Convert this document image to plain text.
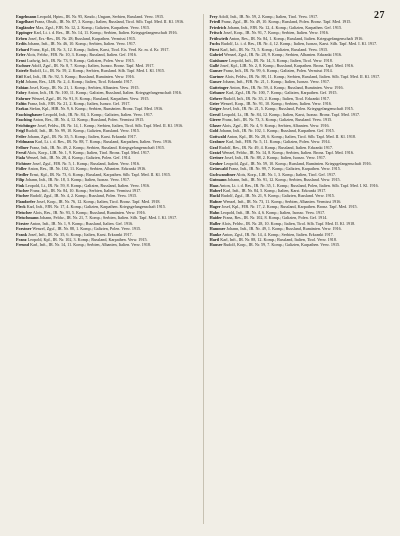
27

Engelmann Leopold, Hptm., IR. Nr. 95, Kmdo.; Ungarn, Serbien, Russland. Verw. 1915.

Engelhart Franz, Obstlt., IR. Nr. 87, 3. Komp.; Italien, Russland, Tirol. Silb. Tapf. Med. II. Kl. 1916.

Engländer Max, Zgsf., FJB. Nr. 12, 2. Komp.; Galizien, Karpathen. Verw. 1915.

Eppinger Karl, Lt. i. d. Res., IR. Nr. 14, 11. Komp.; Serbien, Italien. Kriegsgefangenschaft 1916.

Erben Josef, Ers.-Res., IR. Nr. 28; Russland, Karpathen. Vermisst 1915.

Erdős Johann, Inft., IR. Nr. 46, 10. Komp.; Serbien, Italien. Verw. 1917.

Erhard Franz, Kpl., IR. Nr. 3, 12. Komp.; Italien, Karst, Tirol. Eis. Verd. Kr. m. d. Kr. 1917.

Erler Alois, Feldw., FJB. Nr. 10, 3. Komp.; Russland, Italien. Gef. 1916.

Ernst Ludwig, Inft., IR. Nr. 73, 9. Komp.; Galizien, Polen. Verw. 1915.

Eschner Adolf, Zgsf., IR. Nr. 8, 7. Komp.; Italien, Isonzo. Bronz. Tapf. Med. 1917.

Esterle Rudolf, Lt., IR. Nr. 59, 2. Komp.; Serbien, Russland. Silb. Tapf. Med. I. Kl. 1915.

Ettl Karl, Inft., IR. Nr. 92, 5. Komp.; Russland, Rumänien. Verw. 1916.

Eybl Johann, Res., LIR. Nr. 2, 4. Komp.; Italien, Tirol. Erkrankt 1917.

Fabian Josef, Korp., IR. Nr. 21, 1. Komp.; Serbien, Albanien. Verw. 1915.

Fabry Anton, Inft., IR. Nr. 100, 11. Komp.; Galizien, Russland, Italien. Kriegsgefangenschaft 1916.

Fahrner Wenzel, Zgsf., IR. Nr. 91, 8. Komp.; Russland, Karpathen. Verw. 1915.

Faltin Franz, Inft., FJB. Nr. 21, 2. Komp.; Italien, Isonzo. Gef. 1917.

Farkas Stefan, Kpl., HIR. Nr. 9, 6. Komp.; Serbien, Rumänien. Bronz. Tapf. Med. 1916.

Faschingbauer Leopold, Inft., IR. Nr. 84, 3. Komp.; Galizien, Italien. Verw. 1917.

Fasching Anton, Res., IR. Nr. 4, 12. Komp.; Russland, Polen. Vermisst 1915.

Feichtinger Josef, Feldw., IR. Nr. 14, 1. Komp.; Serbien, Italien, Tirol. Silb. Tapf. Med. II. Kl. 1916.

Feigl Rudolf, Inft., IR. Nr. 99, 10. Komp.; Galizien, Russland. Verw. 1915.

Feiler Johann, Zgsf., IR. Nr. 35, 5. Komp.; Italien, Karst. Erkrankt 1917.

Feldmann Karl, Lt. i. d. Res., IR. Nr. 88, 7. Komp.; Russland, Karpathen, Italien. Verw. 1916.

Fellner Franz, Inft., IR. Nr. 49, 2. Komp.; Serbien, Russland. Kriegsgefangenschaft 1915.

Ferstl Alois, Korp., LIR. Nr. 1, 9. Komp.; Italien, Tirol. Bronz. Tapf. Med. 1917.

Fiala Wenzel, Inft., IR. Nr. 28, 4. Komp.; Galizien, Polen. Gef. 1914.

Fichtner Josef, Zgsf., FJB. Nr. 5, 1. Komp.; Russland, Italien. Verw. 1916.

Fidler Anton, Res., IR. Nr. 102, 11. Komp.; Serbien, Albanien. Erkrankt 1916.

Fiedler Ernst, Kpl., IR. Nr. 73, 6. Komp.; Russland, Karpathen. Silb. Tapf. Med. II. Kl. 1915.

Filip Johann, Inft., IR. Nr. 18, 3. Komp.; Italien, Isonzo. Verw. 1917.

Fink Leopold, Lt., IR. Nr. 59, 8. Komp.; Galizien, Russland, Italien. Verw. 1916.

Fischer Franz, Inft., IR. Nr. 84, 10. Komp.; Serbien, Italien. Vermisst 1917.

Fischer Rudolf, Zgsf., IR. Nr. 4, 2. Komp.; Russland, Polen. Verw. 1915.

Flandorfer Josef, Korp., IR. Nr. 76, 12. Komp.; Italien, Tirol. Bronz. Tapf. Med. 1918.

Fleck Karl, Inft., FJB. Nr. 17, 4. Komp.; Galizien, Karpathen. Kriegsgefangenschaft 1915.

Fleischer Alois, Res., IR. Nr. 93, 5. Komp.; Russland, Rumänien. Verw. 1916.

Fleischmann Johann, Feldw., IR. Nr. 21, 7. Komp.; Serbien, Italien. Silb. Tapf. Med. I. Kl. 1917.

Förster Anton, Inft., IR. Nr. 1, 9. Komp.; Russland, Italien. Gef. 1916.

Forstner Wenzel, Zgsf., IR. Nr. 88, 1. Komp.; Galizien, Polen. Verw. 1915.

Frank Josef, Inft., IR. Nr. 35, 6. Komp.; Italien, Karst. Erkrankt 1917.

Franz Leopold, Kpl., IR. Nr. 102, 3. Komp.; Russland, Karpathen. Verw. 1915.

Freund Karl, Inft., IR. Nr. 14, 11. Komp.; Serbien, Albanien, Italien. Verw. 1918.

Frey Adolf, Inft., IR. Nr. 59, 2. Komp.; Italien, Tirol. Verw. 1917.

Friedl Franz, Zgsf., IR. Nr. 49, 10. Komp.; Russland, Polen. Bronz. Tapf. Med. 1915.

Friedrich Johann, Inft., FJB. Nr. 12, 4. Komp.; Galizien, Karpathen. Gef. 1915.

Fritsch Josef, Korp., IR. Nr. 91, 7. Komp.; Serbien, Italien. Verw. 1916.

Frühwirth Anton, Res., IR. Nr. 84, 1. Komp.; Russland, Italien. Kriegsgefangenschaft 1916.

Fuchs Rudolf, Lt. i. d. Res., IR. Nr. 4, 12. Komp.; Italien, Isonzo, Karst. Silb. Tapf. Med. I. Kl. 1917.

Fürst Karl, Inft., IR. Nr. 73, 5. Komp.; Galizien, Russland. Verw. 1915.

Gabriel Wenzel, Zgsf., IR. Nr. 28, 9. Komp.; Serbien, Albanien. Erkrankt 1916.

Gaisbauer Leopold, Inft., IR. Nr. 14, 3. Komp.; Italien, Tirol. Verw. 1918.

Gallé Josef, Kpl., LIR. Nr. 2, 8. Komp.; Russland, Karpathen. Bronz. Tapf. Med. 1916.

Ganser Franz, Inft., IR. Nr. 99, 6. Komp.; Galizien, Polen. Vermisst 1914.

Gartner Alois, Feldw., IR. Nr. 88, 11. Komp.; Serbien, Russland, Italien. Silb. Tapf. Med. II. Kl. 1917.

Gasser Johann, Inft., FJB. Nr. 21, 1. Komp.; Italien, Isonzo. Verw. 1917.

Gattringer Anton, Res., IR. Nr. 59, 4. Komp.; Russland, Rumänien. Verw. 1916.

Gebauer Karl, Zgsf., IR. Nr. 100, 7. Komp.; Galizien, Karpathen. Gef. 1915.

Gehrer Rudolf, Inft., IR. Nr. 35, 2. Komp.; Italien, Tirol. Erkrankt 1917.

Geier Wenzel, Korp., IR. Nr. 91, 10. Komp.; Serbien, Italien. Verw. 1916.

Geiger Josef, Inft., IR. Nr. 21, 5. Komp.; Russland, Polen. Kriegsgefangenschaft 1915.

Gerstl Leopold, Lt., IR. Nr. 84, 12. Komp.; Italien, Karst, Isonzo. Bronz. Tapf. Med. 1917.

Gierer Franz, Inft., IR. Nr. 73, 3. Komp.; Galizien, Russland. Verw. 1915.

Glaser Alois, Zgsf., IR. Nr. 4, 9. Komp.; Serbien, Albanien. Verw. 1916.

Gold Johann, Inft., IR. Nr. 102, 1. Komp.; Russland, Karpathen. Gef. 1915.

Gottwald Anton, Kpl., IR. Nr. 28, 6. Komp.; Italien, Tirol. Silb. Tapf. Med. II. Kl. 1918.

Grabner Karl, Inft., FJB. Nr. 5, 11. Komp.; Galizien, Polen. Verw. 1914.

Graf Rudolf, Res., IR. Nr. 49, 4. Komp.; Russland, Italien. Erkrankt 1917.

Gratzl Wenzel, Feldw., IR. Nr. 14, 8. Komp.; Serbien, Italien. Bronz. Tapf. Med. 1916.

Greiner Josef, Inft., IR. Nr. 88, 2. Komp.; Italien, Isonzo. Verw. 1917.

Gruber Leopold, Zgsf., IR. Nr. 59, 10. Komp.; Russland, Rumänien. Kriegsgefangenschaft 1916.

Grünwald Franz, Inft., IR. Nr. 99, 7. Komp.; Galizien, Karpathen. Verw. 1915.

Gschwandtner Alois, Korp., LIR. Nr. 1, 3. Komp.; Italien, Tirol. Gef. 1917.

Gutmann Johann, Inft., IR. Nr. 91, 12. Komp.; Serbien, Russland. Verw. 1915.

Haas Anton, Lt. i. d. Res., IR. Nr. 35, 1. Komp.; Russland, Polen, Italien. Silb. Tapf. Med. I. Kl. 1916.

Haberl Karl, Inft., IR. Nr. 84, 5. Komp.; Italien, Karst. Erkrankt 1917.

Hackl Rudolf, Zgsf., IR. Nr. 21, 9. Komp.; Galizien, Russland. Verw. 1915.

Hafner Wenzel, Inft., IR. Nr. 73, 11. Komp.; Serbien, Albanien. Vermisst 1916.

Hager Josef, Kpl., FJB. Nr. 17, 2. Komp.; Russland, Karpathen. Bronz. Tapf. Med. 1915.

Hahn Leopold, Inft., IR. Nr. 4, 6. Komp.; Italien, Isonzo. Verw. 1917.

Haider Franz, Res., IR. Nr. 102, 8. Komp.; Galizien, Polen. Gef. 1914.

Haller Alois, Feldw., IR. Nr. 28, 10. Komp.; Italien, Tirol. Silb. Tapf. Med. II. Kl. 1918.

Hammer Johann, Inft., IR. Nr. 49, 1. Komp.; Russland, Rumänien. Verw. 1916.

Hanke Anton, Zgsf., IR. Nr. 14, 4. Komp.; Serbien, Italien. Erkrankt 1917.

Hartl Karl, Inft., IR. Nr. 88, 12. Komp.; Russland, Italien, Tirol. Verw. 1918.

Hauser Rudolf, Korp., IR. Nr. 59, 7. Komp.; Galizien, Karpathen. Verw. 1915.
